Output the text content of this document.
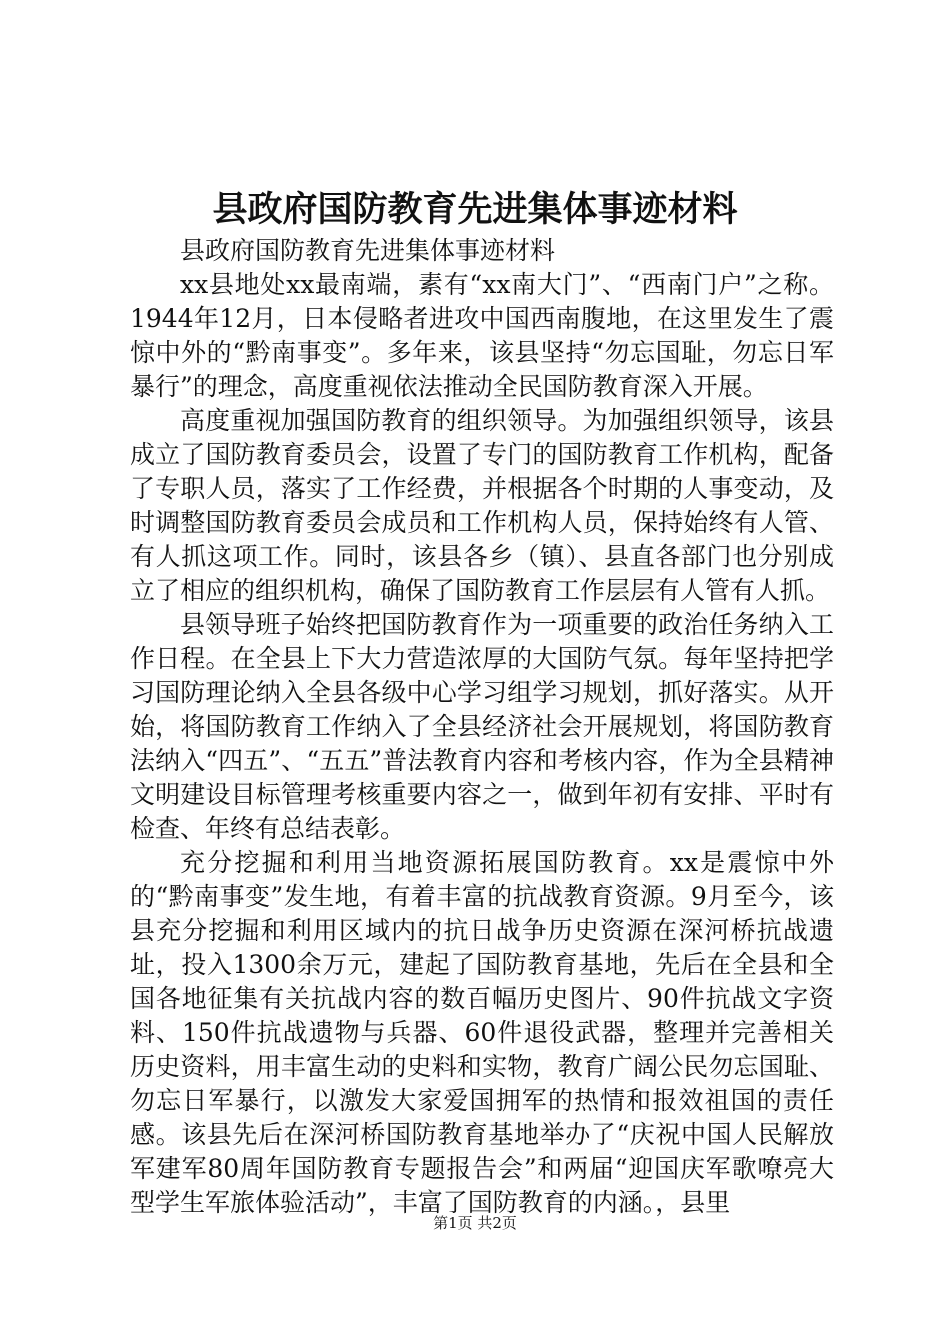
县政府国防教育先进集体事迹材料

县政府国防教育先进集体事迹材料

xx县地处xx最南端，素有“xx南大门”、“西南门户”之称。1944年12月，日本侵略者进攻中国西南腹地，在这里发生了震惊中外的“黔南事变”。多年来，该县坚持“勿忘国耻，勿忘日军暴行”的理念，高度重视依法推动全民国防教育深入开展。

高度重视加强国防教育的组织领导。为加强组织领导，该县成立了国防教育委员会，设置了专门的国防教育工作机构，配备了专职人员，落实了工作经费，并根据各个时期的人事变动，及时调整国防教育委员会成员和工作机构人员，保持始终有人管、有人抓这项工作。同时，该县各乡（镇）、县直各部门也分别成立了相应的组织机构，确保了国防教育工作层层有人管有人抓。

县领导班子始终把国防教育作为一项重要的政治任务纳入工作日程。在全县上下大力营造浓厚的大国防气氛。每年坚持把学习国防理论纳入全县各级中心学习组学习规划，抓好落实。从开始，将国防教育工作纳入了全县经济社会开展规划，将国防教育法纳入“四五”、“五五”普法教育内容和考核内容，作为全县精神文明建设目标管理考核重要内容之一，做到年初有安排、平时有检查、年终有总结表彰。

充分挖掘和利用当地资源拓展国防教育。xx是震惊中外的“黔南事变”发生地，有着丰富的抗战教育资源。9月至今，该县充分挖掘和利用区域内的抗日战争历史资源在深河桥抗战遗址，投入1300余万元，建起了国防教育基地，先后在全县和全国各地征集有关抗战内容的数百幅历史图片、90件抗战文字资料、150件抗战遗物与兵器、60件退役武器，整理并完善相关历史资料，用丰富生动的史料和实物，教育广阔公民勿忘国耻、勿忘日军暴行，以激发大家爱国拥军的热情和报效祖国的责任感。该县先后在深河桥国防教育基地举办了“庆祝中国人民解放军建军80周年国防教育专题报告会”和两届“迎国庆军歌嘹亮大型学生军旅体验活动”，丰富了国防教育的内涵。，县里

第1页 共2页
